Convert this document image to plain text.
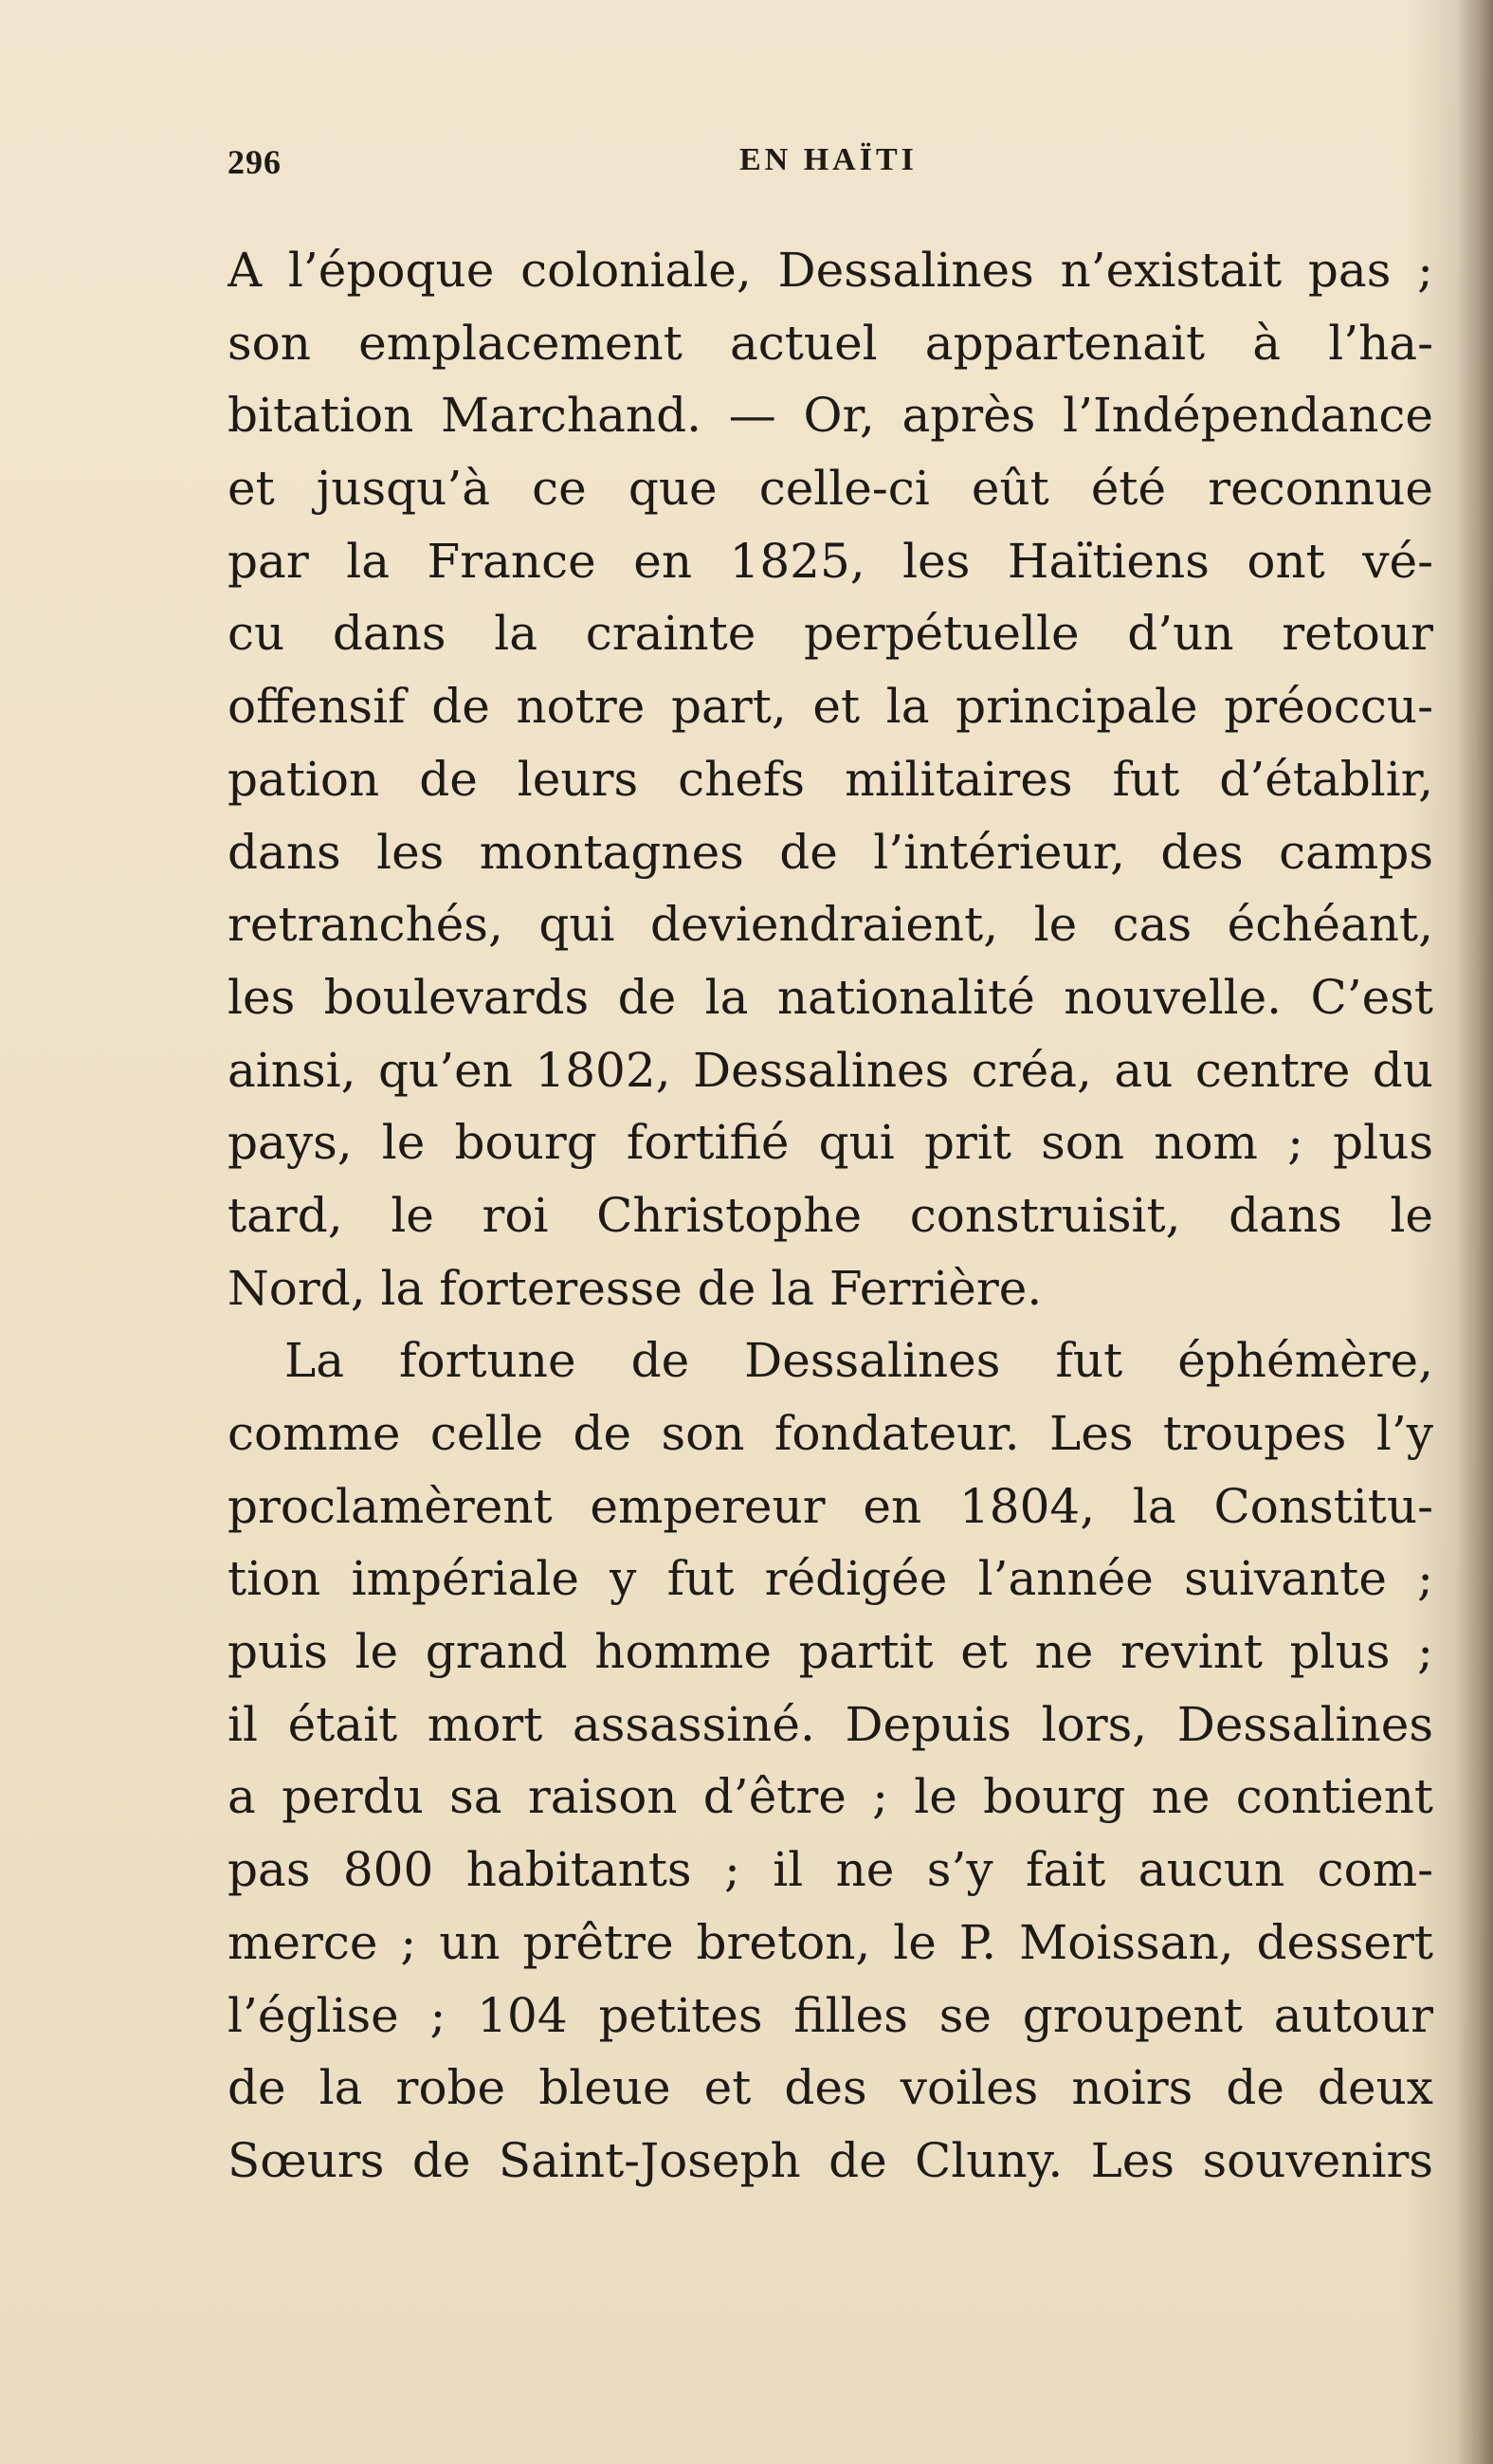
296	EN HAÏTI
A l’époque coloniale, Dessalines n’existait pas ;
son emplacement actuel appartenait à l’ha-
bitation Marchand. — Or, après l’Indépendance
et jusqu’à ce que celle-ci eût été reconnue
par la France en 1825, les Haïtiens ont vé-
cu dans la crainte perpétuelle d’un retour
offensif de notre part, et la principale préoccu-
pation de leurs chefs militaires fut d’établir,
dans les montagnes de l’intérieur, des camps
retranchés, qui deviendraient, le cas échéant,
les boulevards de la nationalité nouvelle. C’est
ainsi, qu’en 1802, Dessalines créa, au centre du
pays, le bourg fortifié qui prit son nom ; plus
tard, le roi Christophe construisit, dans le
Nord, la forteresse de la Ferrière.
La fortune de Dessalines fut éphémère,
comme celle de son fondateur. Les troupes l’y
proclamèrent empereur en 1804, la Constitu-
tion impériale y fut rédigée l’année suivante ;
puis le grand homme partit et ne revint plus ;
il était mort assassiné. Depuis lors, Dessalines
a perdu sa raison d’être ; le bourg ne contient
pas 800 habitants ; il ne s’y fait aucun com-
merce ; un prêtre breton, le P. Moissan, dessert
l’église ; 104 petites filles se groupent autour
de la robe bleue et des voiles noirs de deux
Sœurs de Saint-Joseph de Cluny. Les souvenirs
